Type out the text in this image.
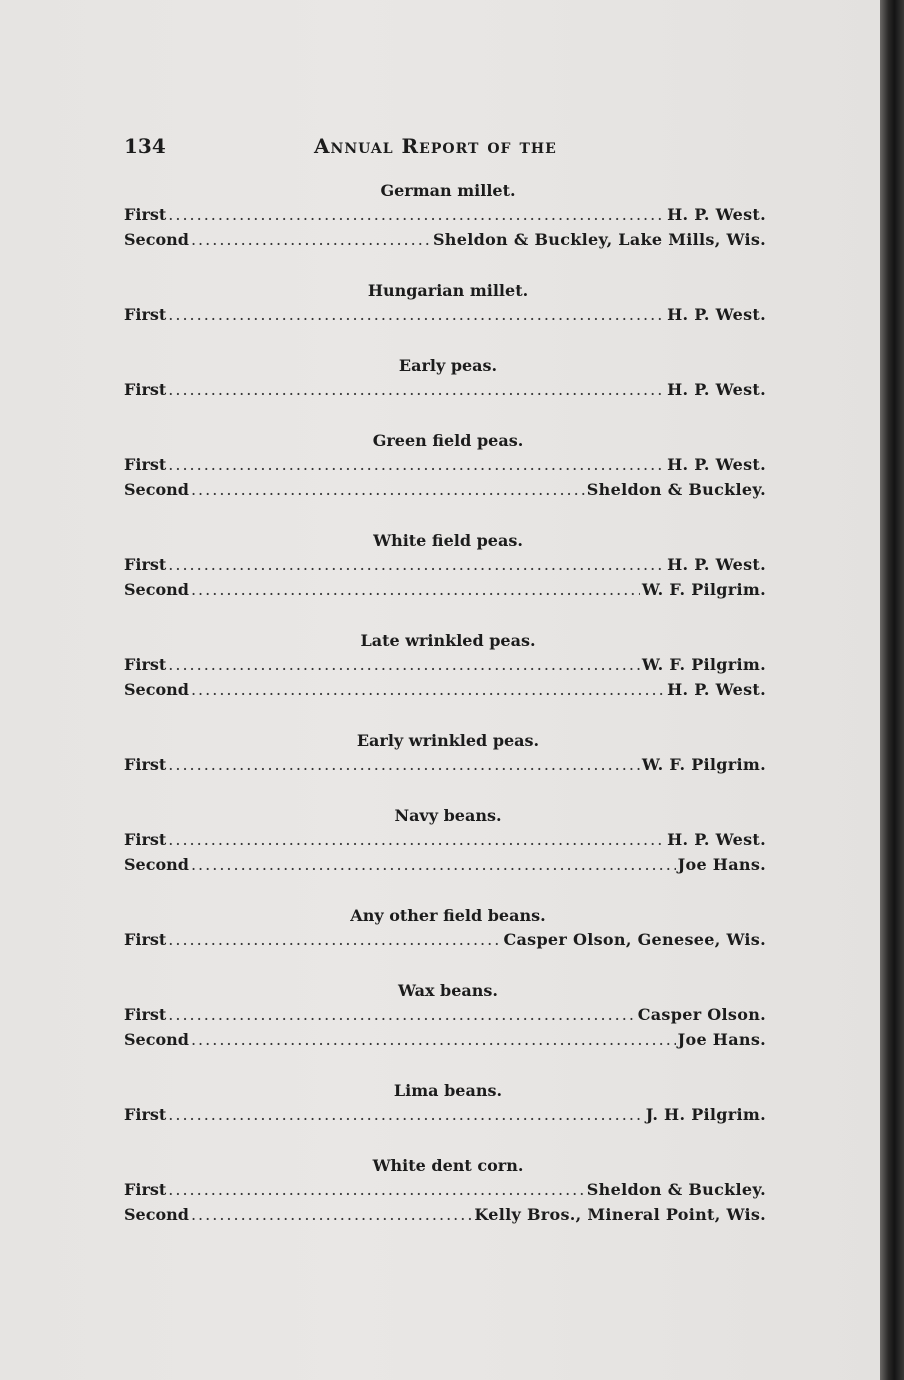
134	Annual Report of the
German millet.
First .....	H. P. West.
Second .....	Sheldon & Buckley, Lake Mills, Wis.
Hungarian millet.
First .....	H. P. West.
Early peas.
First .....	H. P. West.
Green field peas.
First .....	H. P. West.
Second .....	Sheldon & Buckley.
White field peas.
First .....	H. P. West.
Second .....	W. F. Pilgrim.
Late wrinkled peas.
First .....	W. F. Pilgrim.
Second .....	H. P. West.
Early wrinkled peas.
First .....	W. F. Pilgrim.
Navy beans.
First .....	H. P. West.
Second .....	Joe Hans.
Any other field beans.
First .....	Casper Olson, Genesee, Wis.
Wax beans.
First .....	Casper Olson.
Second .....	Joe Hans.
Lima beans.
First .....	J. H. Pilgrim.
White dent corn.
First .....	Sheldon & Buckley.
Second .....	Kelly Bros., Mineral Point, Wis.
